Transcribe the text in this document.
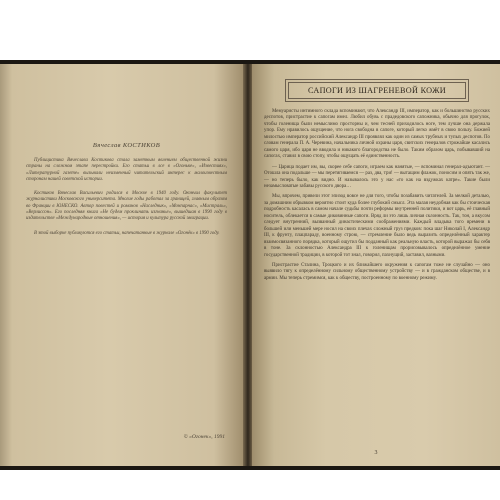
Вячеслав КОСТИКОВ

Публицистика Вячеслава Костикова стала заметным явлением общественной жизни страны на сложном этапе перестройки. Его статьи в лсе в «Огоньке», «Известиях», «Литературной газете» вызывали неизменный читательский интерес к малоизвестным сторонам нашей советской истории.

Костиков Вячеслав Васильевич родился в Москве в 1940 году. Окончил факультет журналистики Московского университета. Многие годы работал за границей, главным образом во Франции в ЮНЕСКО. Автор повестей и романов «Наследник», «Монпарнас», «Мистраль», «Верлиссон». Его последняя книга «Не будем проклинать изгнанье», вышедшая в 1990 году в издательстве «Международные отношения», — история и культура русской эмиграции.

В этой выборке публикуются его статьи, напечатанные в журнале «Огонёк» в 1990 году.

© «Огонек», 1991
САПОГИ ИЗ ШАГРЕНЕВОЙ КОЖИ

Мемуаристы интимного склада вспоминают, что Александр III, император, как и большинство русских деспотов, пристрастие к сапогам имел. Любил обувь с прадедовского сапожника, обычно для прогулок, чтобы голенища были немыслимо просторны и, чем тесней приходилось ноге, тем лучше она держала упор. Ему нравилось ощущение, что нога свободна в сапоге, который легко жмёт в свою пользу. Божией милостью император российский Александр III проявлял как один из самых трубных и тупых деспотов. По словам генерала П. А. Черевина, начальника личной охраны царя, свитских генералов строжайше касались самого царя, ибо царя не вводила и никакого благородства не было. Таким образом царь, побывавший на сапогах, ставил в свою стопу, чтобы ощущать её единственность.

— Царица подает им, вы, скорее себе сапоги, играем как нанятые, — вспоминал генерал-адъютант. — Отошла она подальше — мы перетягиваемся — раз, два, три! — вытащим флажок, поносим и опять так же, — но теперь было, как видно. И называлось это у нас «то как на вздужках катре». Такие были незамысловатые забавы русского двора…

Мы, впрочем, привели этот эпизод вовсе не для того, чтобы позабавить читателей. За мелкой деталью, за домашним обрывком вероятно стоит куда более глубокий смысл. Эта малая неудобная как бы стоическая подробность касалась в самом начале судьбы почти реформы внутренней политики, и вот царь, её главный носитель, облекается в самые диковинные сапоги. Вряд ли это лишь личная склонность. Так, тон, а вкусом следует внутренний, вызванный династическими соображениями. Каждый владыка того времени в большей или меньшей мере носил на своих плечах сложный груз предков: пока шаг Николай I, Александр III, к фрунту, плацпараду, военному строю, — стремление было ведь выразить определённый характер взаимосвязанного порядка, который ощутил бы подданный как реальную власть, которой выражал бы себя в тоне. За склонностью Александра III к голенищам прорисовывалось определённое умение государственной традиции, в которой тот знал, говорил, пахнущий, заставил, вазными.

Пристрастие Сталина, Троцкого и их ближайшего окружения к сапогам тоже не случайно — оно выявило тягу к определённому сильному общественному устройству — и в гражданском обществе, и в армии. Мы теперь стремимся, как к обществу, построенному по военному режиму.

3
